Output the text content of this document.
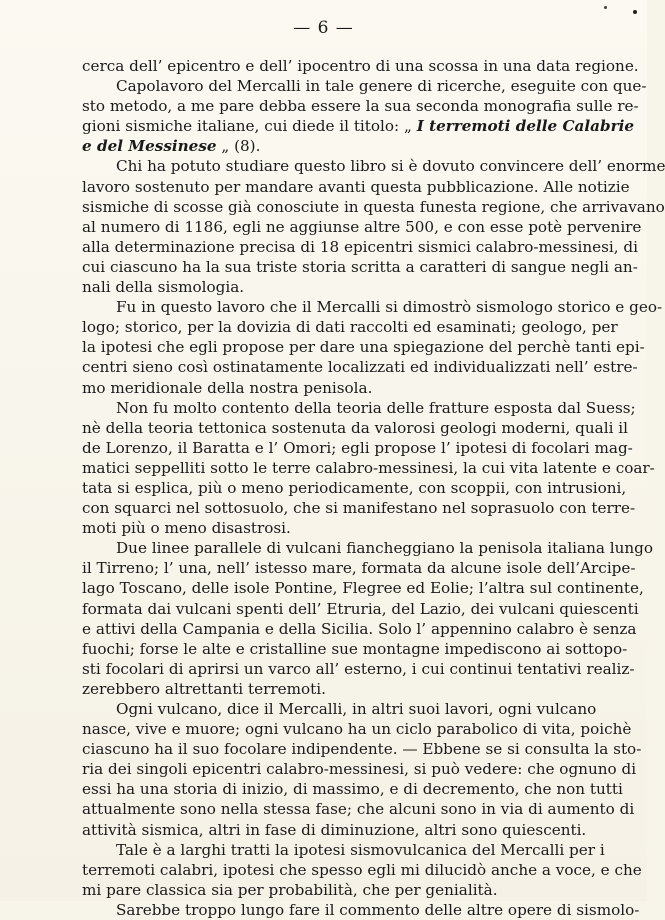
— 6 —
cerca dell’ epicentro e dell’ ipocentro di una scossa in una data regione.
Capolavoro del Mercalli in tale genere di ricerche, eseguite con que-
sto metodo, a me pare debba essere la sua seconda monografia sulle re-
gioni sismiche italiane, cui diede il titolo: „ I terremoti delle Calabrie
e del Messinese „ (8).
Chi ha potuto studiare questo libro si è dovuto convincere dell’ enorme
lavoro sostenuto per mandare avanti questa pubblicazione. Alle notizie
sismiche di scosse già conosciute in questa funesta regione, che arrivavano
al numero di 1186, egli ne aggiunse altre 500, e con esse potè pervenire
alla determinazione precisa di 18 epicentri sismici calabro-messinesi, di
cui ciascuno ha la sua triste storia scritta a caratteri di sangue negli an-
nali della sismologia.
Fu in questo lavoro che il Mercalli si dimostrò sismologo storico e geo-
logo; storico, per la dovizia di dati raccolti ed esaminati; geologo, per
la ipotesi che egli propose per dare una spiegazione del perchè tanti epi-
centri sieno così ostinatamente localizzati ed individualizzati nell’ estre-
mo meridionale della nostra penisola.
Non fu molto contento della teoria delle fratture esposta dal Suess;
nè della teoria tettonica sostenuta da valorosi geologi moderni, quali il
de Lorenzo, il Baratta e l’ Omori; egli propose l’ ipotesi di focolari mag-
matici seppelliti sotto le terre calabro-messinesi, la cui vita latente e coar-
tata si esplica, più o meno periodicamente, con scoppii, con intrusioni,
con squarci nel sottosuolo, che si manifestano nel soprasuolo con terre-
moti più o meno disastrosi.
Due linee parallele di vulcani fiancheggiano la penisola italiana lungo
il Tirreno; l’ una, nell’ istesso mare, formata da alcune isole dell’Arcipe-
lago Toscano, delle isole Pontine, Flegree ed Eolie; l’altra sul continente,
formata dai vulcani spenti dell’ Etruria, del Lazio, dei vulcani quiescenti
e attivi della Campania e della Sicilia. Solo l’ appennino calabro è senza
fuochi; forse le alte e cristalline sue montagne impediscono ai sottopo-
sti focolari di aprirsi un varco all’ esterno, i cui continui tentativi realiz-
zerebbero altrettanti terremoti.
Ogni vulcano, dice il Mercalli, in altri suoi lavori, ogni vulcano
nasce, vive e muore; ogni vulcano ha un ciclo parabolico di vita, poichè
ciascuno ha il suo focolare indipendente. — Ebbene se si consulta la sto-
ria dei singoli epicentri calabro-messinesi, si può vedere: che ognuno di
essi ha una storia di inizio, di massimo, e di decremento, che non tutti
attualmente sono nella stessa fase; che alcuni sono in via di aumento di
attività sismica, altri in fase di diminuzione, altri sono quiescenti.
Tale è a larghi tratti la ipotesi sismovulcanica del Mercalli per i
terremoti calabri, ipotesi che spesso egli mi dilucidò anche a voce, e che
mi pare classica sia per probabilità, che per genialità.
Sarebbe troppo lungo fare il commento delle altre opere di sismolo-
